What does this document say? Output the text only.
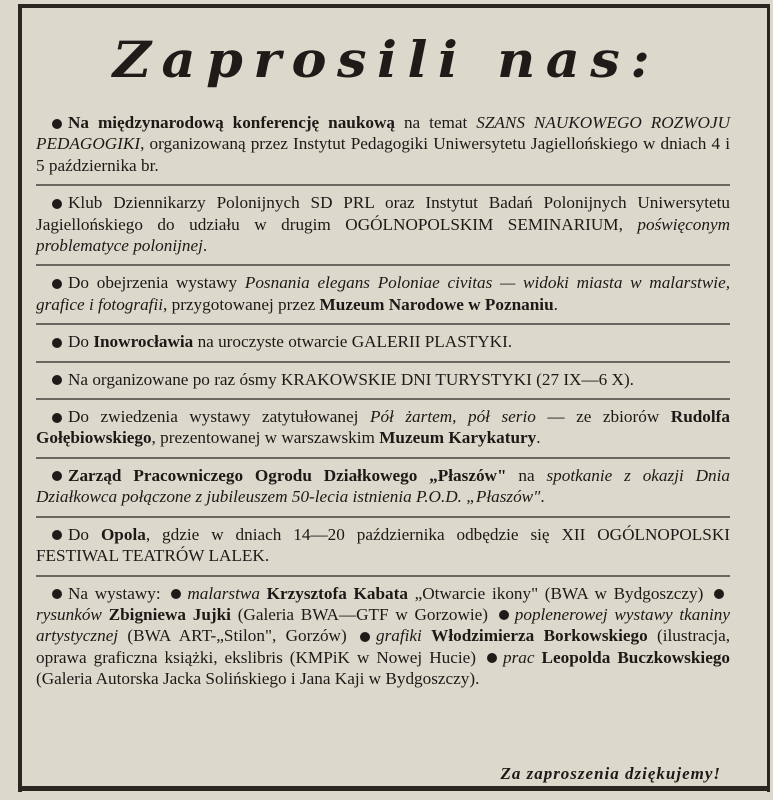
Zaprosili nas:

Na międzynarodową konferencję naukową na temat SZANS NAUKOWEGO ROZWOJU PEDAGOGIKI, organizowaną przez Instytut Pedagogiki Uniwersytetu Jagiellońskiego w dniach 4 i 5 października br.

Klub Dziennikarzy Polonijnych SD PRL oraz Instytut Badań Polonijnych Uniwersytetu Jagiellońskiego do udziału w drugim OGÓLNOPOLSKIM SEMINARIUM, poświęconym problematyce polonijnej.

Do obejrzenia wystawy Posnania elegans Poloniae civitas — widoki miasta w malarstwie, grafice i fotografii, przygotowanej przez Muzeum Narodowe w Poznaniu.

Do Inowrocławia na uroczyste otwarcie GALERII PLASTYKI.

Na organizowane po raz ósmy KRAKOWSKIE DNI TURYSTYKI (27 IX—6 X).

Do zwiedzenia wystawy zatytułowanej Pół żartem, pół serio — ze zbiorów Rudolfa Gołębiowskiego, prezentowanej w warszawskim Muzeum Karykatury.

Zarząd Pracowniczego Ogrodu Działkowego „Płaszów" na spotkanie z okazji Dnia Działkowca połączone z jubileuszem 50-lecia istnienia P.O.D. „Płaszów".

Do Opola, gdzie w dniach 14—20 października odbędzie się XII OGÓLNOPOLSKI FESTIWAL TEATRÓW LALEK.

Na wystawy: malarstwa Krzysztofa Kabata „Otwarcie ikony" (BWA w Bydgoszczy) rysunków Zbigniewa Jujki (Galeria BWA—GTF w Gorzowie) poplenerowej wystawy tkaniny artystycznej (BWA ART-„Stilon", Gorzów) grafiki Włodzimierza Borkowskiego (ilustracja, oprawa graficzna książki, ekslibris (KMPiK w Nowej Hucie) prac Leopolda Buczkowskiego (Galeria Autorska Jacka Solińskiego i Jana Kaji w Bydgoszczy).

Za zaproszenia dziękujemy!
